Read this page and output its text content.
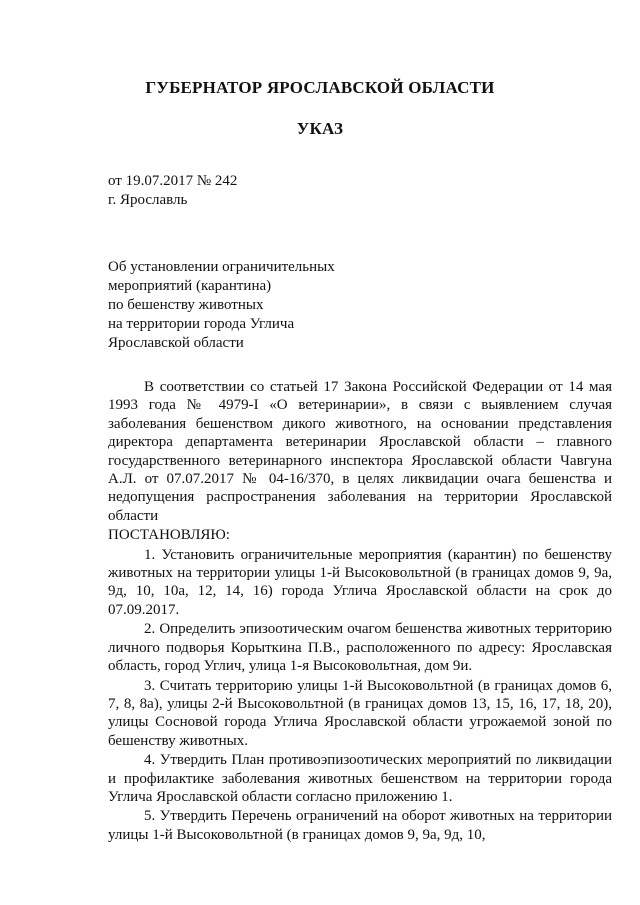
ГУБЕРНАТОР ЯРОСЛАВСКОЙ ОБЛАСТИ
УКАЗ
от 19.07.2017 № 242
г. Ярославль
Об установлении ограничительных
мероприятий (карантина)
по бешенству животных
на территории города Углича
Ярославской области

В соответствии со статьей 17 Закона Российской Федерации от 14 мая 1993 года № 4979-I «О ветеринарии», в связи с выявлением случая заболевания бешенством дикого животного, на основании представления директора департамента ветеринарии Ярославской области – главного государственного ветеринарного инспектора Ярославской области Чавгуна А.Л. от 07.07.2017 № 04-16/370, в целях ликвидации очага бешенства и недопущения распространения заболевания на территории Ярославской области

ПОСТАНОВЛЯЮ:

1. Установить ограничительные мероприятия (карантин) по бешенству животных на территории улицы 1-й Высоковольтной (в границах домов 9, 9а, 9д, 10, 10а, 12, 14, 16) города Углича Ярославской области на срок до 07.09.2017.

2. Определить эпизоотическим очагом бешенства животных территорию личного подворья Корыткина П.В., расположенного по адресу: Ярославская область, город Углич, улица 1-я Высоковольтная, дом 9и.

3. Считать территорию улицы 1-й Высоковольтной (в границах домов 6, 7, 8, 8а), улицы 2-й Высоковольтной (в границах домов 13, 15, 16, 17, 18, 20), улицы Сосновой города Углича Ярославской области угрожаемой зоной по бешенству животных.

4. Утвердить План противоэпизоотических мероприятий по ликвидации и профилактике заболевания животных бешенством на территории города Углича Ярославской области согласно приложению 1.

5. Утвердить Перечень ограничений на оборот животных на территории улицы 1-й Высоковольтной (в границах домов 9, 9а, 9д, 10,
